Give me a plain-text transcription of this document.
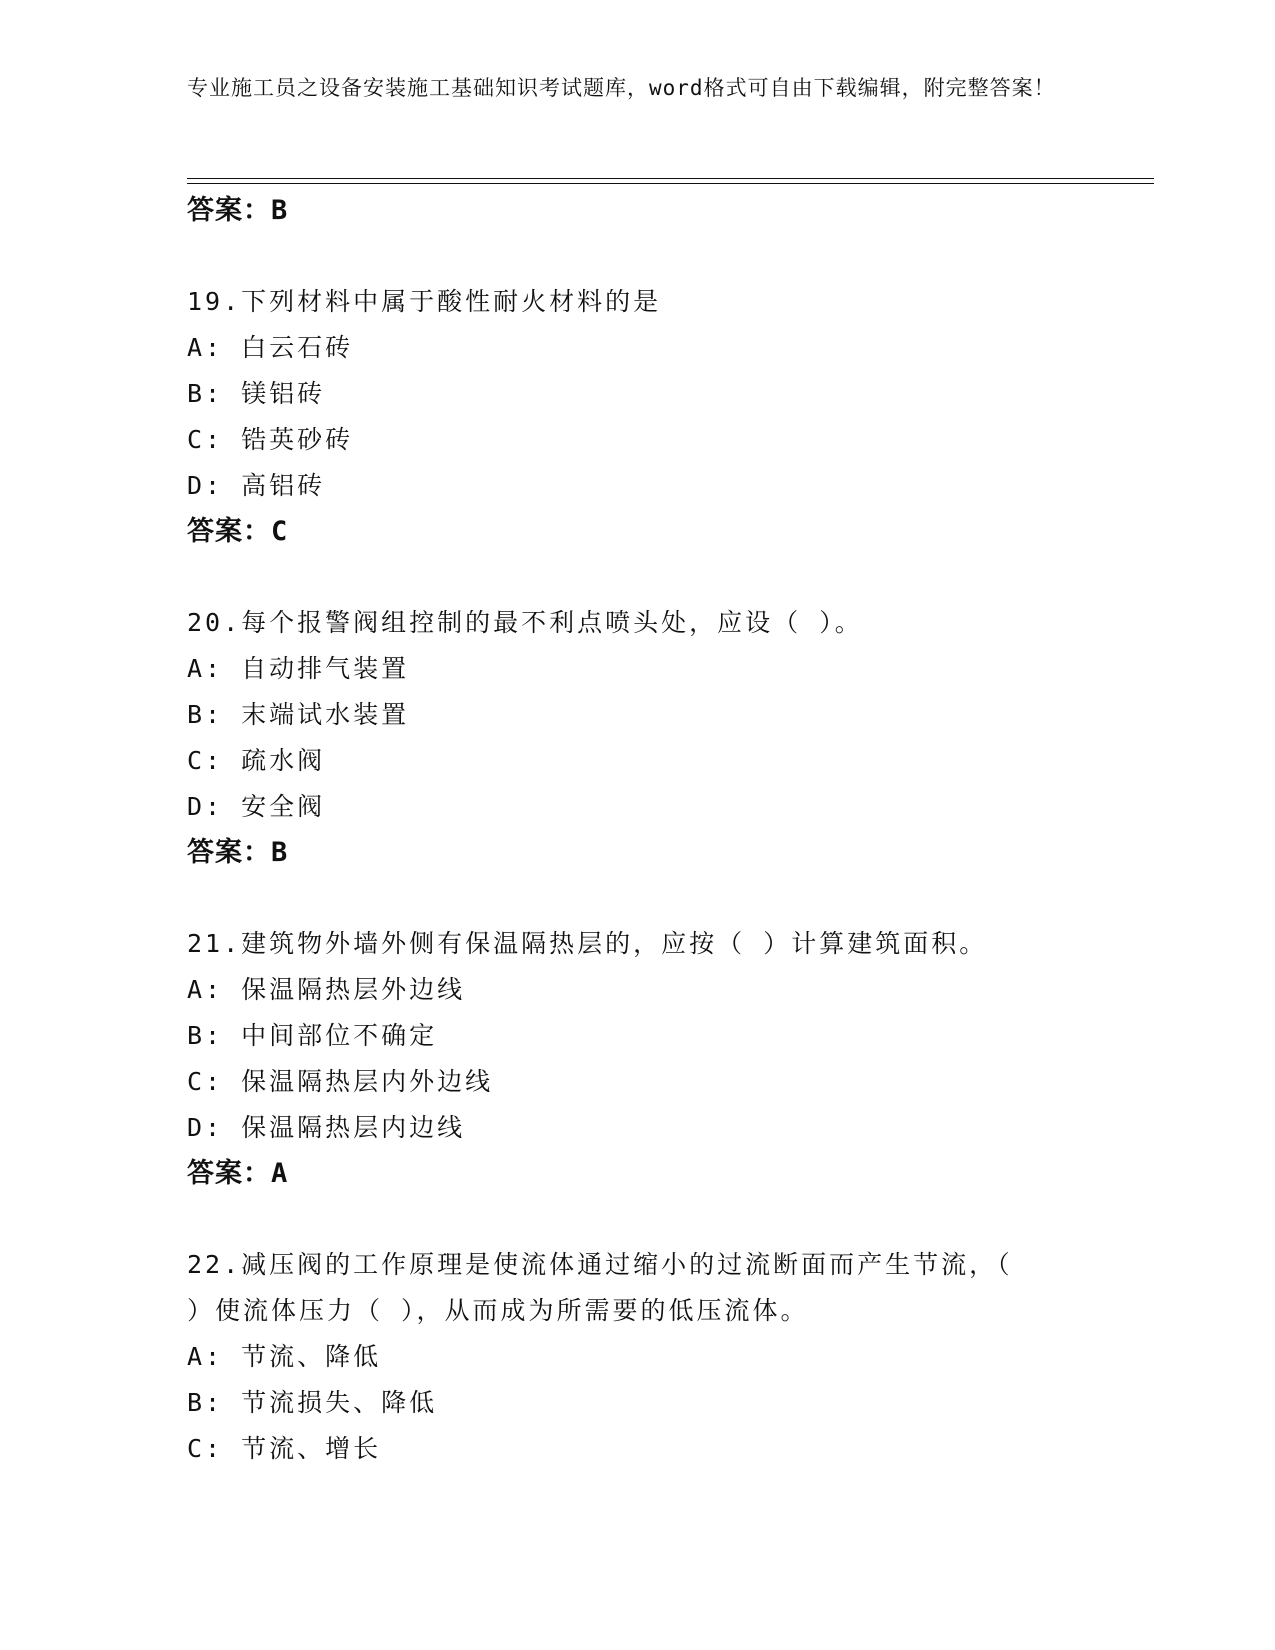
专业施工员之设备安装施工基础知识考试题库，word格式可自由下载编辑，附完整答案！
答案：B
19.下列材料中属于酸性耐火材料的是
A: 白云石砖
B: 镁铝砖
C: 锆英砂砖
D: 高铝砖
答案：C
20.每个报警阀组控制的最不利点喷头处，应设（ ）。
A: 自动排气装置
B: 末端试水装置
C: 疏水阀
D: 安全阀
答案：B
21.建筑物外墙外侧有保温隔热层的，应按（ ）计算建筑面积。
A: 保温隔热层外边线
B: 中间部位不确定
C: 保温隔热层内外边线
D: 保温隔热层内边线
答案：A
22.减压阀的工作原理是使流体通过缩小的过流断面而产生节流，（ ）使流体压力（ ），从而成为所需要的低压流体。
A: 节流、降低
B: 节流损失、降低
C: 节流、增长
